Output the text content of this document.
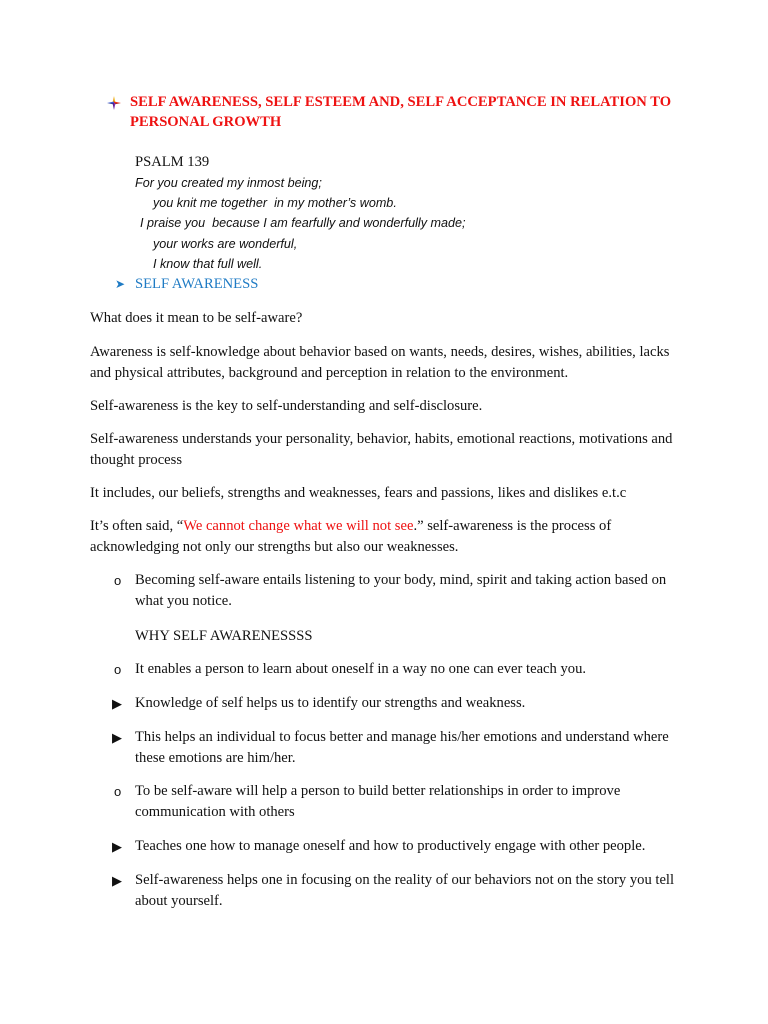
SELF AWARENESS, SELF ESTEEM AND, SELF ACCEPTANCE IN RELATION TO PERSONAL GROWTH
PSALM 139
For you created my inmost being;
you knit me together  in my mother’s womb.
I praise you  because I am fearfully and wonderfully made;
your works are wonderful,
I know that full well.
➤ SELF AWARENESS
What does it mean to be self-aware?
Awareness is self-knowledge about behavior based on wants, needs, desires, wishes, abilities, lacks and physical attributes, background and perception in relation to the environment.
Self-awareness is the key to self-understanding and self-disclosure.
Self-awareness understands your personality, behavior, habits, emotional reactions, motivations and thought process
It includes, our beliefs, strengths and weaknesses, fears and passions, likes and dislikes e.t.c
It’s often said, “We cannot change what we will not see.” self-awareness is the process of acknowledging not only our strengths but also our weaknesses.
o Becoming self-aware entails listening to your body, mind, spirit and taking action based on what you notice.
WHY SELF AWARENESSSS
o It enables a person to learn about oneself in a way no one can ever teach you.
▶ Knowledge of self helps us to identify our strengths and weakness.
▶ This helps an individual to focus better and manage his/her emotions and understand where these emotions are him/her.
o To be self-aware will help a person to build better relationships in order to improve communication with others
▶ Teaches one how to manage oneself and how to productively engage with other people.
▶ Self-awareness helps one in focusing on the reality of our behaviors not on the story you tell about yourself.
